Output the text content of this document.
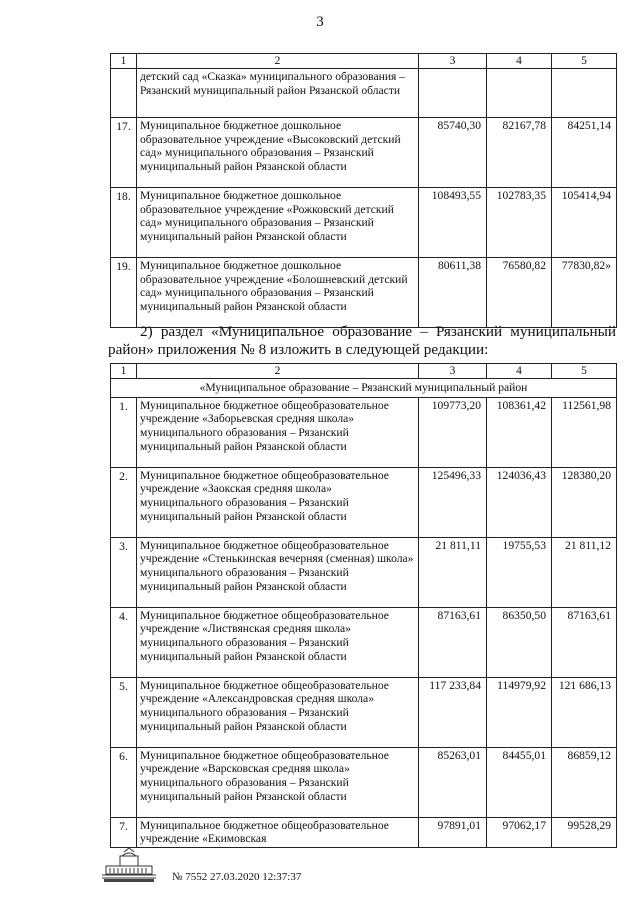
3
1	2	3	4	5
	детский сад «Сказка» муниципального образования – Рязанский муниципальный район Рязанской области			
17.	Муниципальное бюджетное дошкольное образовательное учреждение «Высоковский детский сад» муниципального образования – Рязанский муниципальный район Рязанской области	85740,30	82167,78	84251,14
18.	Муниципальное бюджетное дошкольное образовательное учреждение «Рожковский детский сад» муниципального образования – Рязанский муниципальный район Рязанской области	108493,55	102783,35	105414,94
19.	Муниципальное бюджетное дошкольное образовательное учреждение «Болошневский детский сад» муниципального образования – Рязанский муниципальный район Рязанской области	80611,38	76580,82	77830,82»
2) раздел «Муниципальное образование – Рязанский муниципальный
район» приложения № 8 изложить в следующей редакции:
1	2	3	4	5
«Муниципальное образование – Рязанский муниципальный район				
1.	Муниципальное бюджетное общеобразовательное учреждение «Заборьевская средняя школа» муниципального образования – Рязанский муниципальный район Рязанской области	109773,20	108361,42	112561,98
2.	Муниципальное бюджетное общеобразовательное учреждение «Заокская средняя школа» муниципального образования – Рязанский муниципальный район Рязанской области	125496,33	124036,43	128380,20
3.	Муниципальное бюджетное общеобразовательное учреждение «Стенькинская вечерняя (сменная) школа» муниципального образования – Рязанский муниципальный район Рязанской области	21 811,11	19755,53	21 811,12
4.	Муниципальное бюджетное общеобразовательное учреждение «Листвянская средняя школа» муниципального образования – Рязанский муниципальный район Рязанской области	87163,61	86350,50	87163,61
5.	Муниципальное бюджетное общеобразовательное учреждение «Александровская средняя школа» муниципального образования – Рязанский муниципальный район Рязанской области	117 233,84	114979,92	121 686,13
6.	Муниципальное бюджетное общеобразовательное учреждение «Варсковская средняя школа» муниципального образования – Рязанский муниципальный район Рязанской области	85263,01	84455,01	86859,12
7.	Муниципальное бюджетное общеобразовательное учреждение «Екимовская	97891,01	97062,17	99528,29
№ 7552 27.03.2020 12:37:37
